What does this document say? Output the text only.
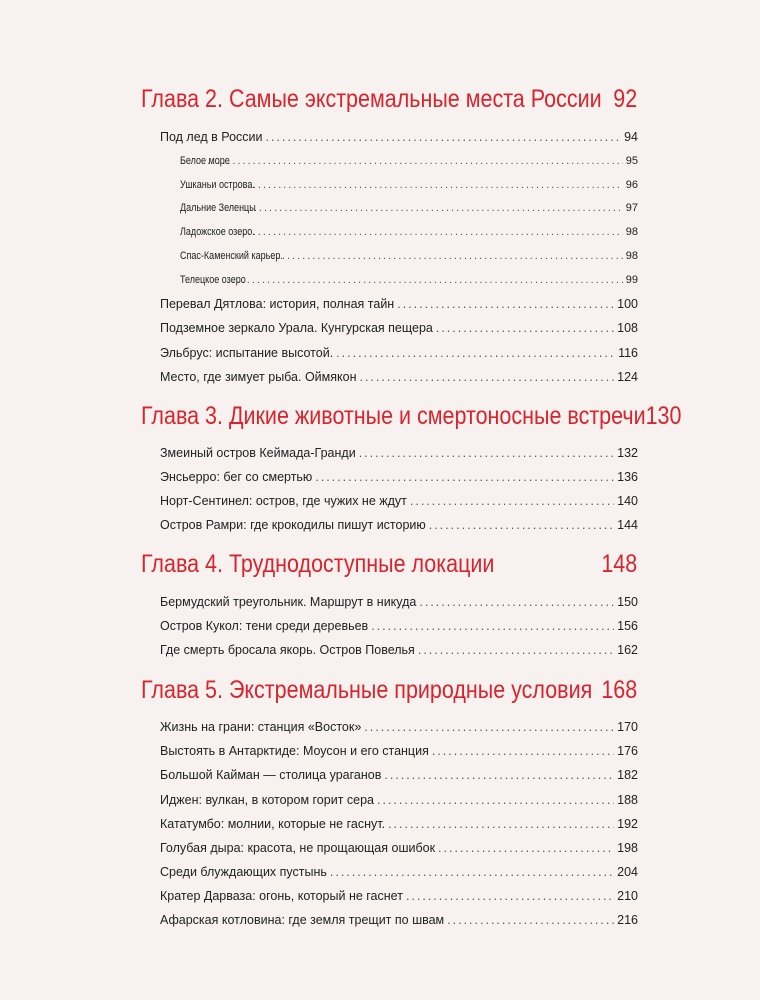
Глава 2. Самые экстремальные места России 92
Под лед в России .....	94
Белое море .....	95
Ушканьи острова. .....	96
Дальние Зеленцы .....	97
Ладожское озеро. .....	98
Спас-Каменский карьер. .....	98
Телецкое озеро .....	99
Перевал Дятлова: история, полная тайн .....	100
Подземное зеркало Урала. Кунгурская пещера .....	108
Эльбрус: испытание высотой. .....	116
Место, где зимует рыба. Оймякон .....	124
Глава 3. Дикие животные и смертоносные встречи 130
Змеиный остров Кеймада-Гранди .....	132
Энсьерро: бег со смертью .....	136
Норт-Сентинел: остров, где чужих не ждут .....	140
Остров Рамри: где крокодилы пишут историю .....	144
Глава 4. Труднодоступные локации	148
Бермудский треугольник. Маршрут в никуда .....	150
Остров Кукол: тени среди деревьев .....	156
Где смерть бросала якорь. Остров Повелья .....	162
Глава 5. Экстремальные природные условия 168
Жизнь на грани: станция «Восток» .....	170
Выстоять в Антарктиде: Моусон и его станция .....	176
Большой Кайман — столица ураганов .....	182
Иджен: вулкан, в котором горит сера .....	188
Кататумбо: молнии, которые не гаснут. .....	192
Голубая дыра: красота, не прощающая ошибок .....	198
Среди блуждающих пустынь .....	204
Кратер Дарваза: огонь, который не гаснет .....	210
Афарская котловина: где земля трещит по швам .....	216
